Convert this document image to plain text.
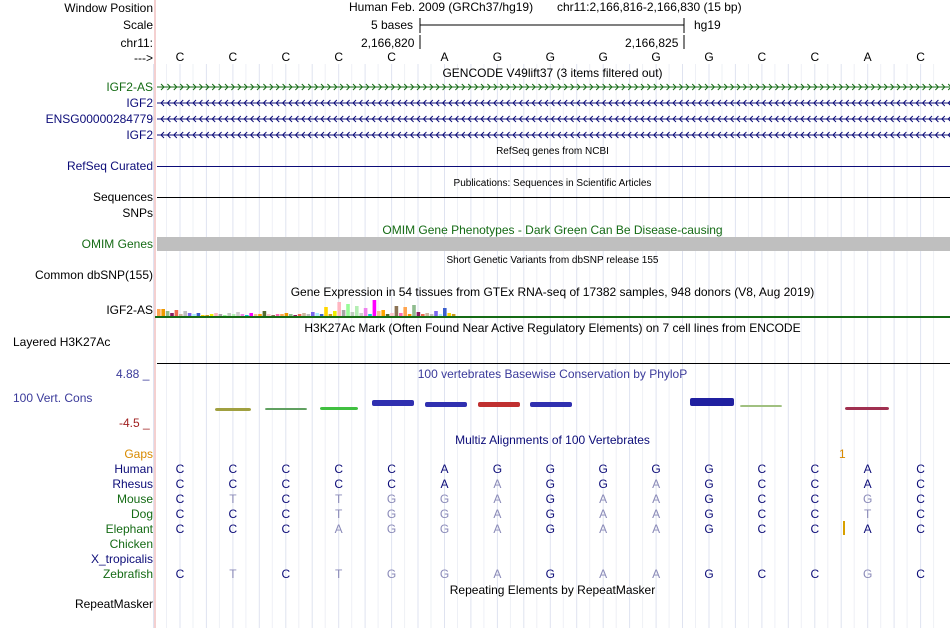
Window Position
Scale
chr11:
--->
Human Feb. 2009 (GRCh37/hg19) chr11:2,166,816-2,166,830 (15 bp)
5 bases	hg19
2,166,820	2,166,825
C	C	C	C	C	A	G	G	G	G	G	C	C	A	C
GENCODE V49lift37 (3 items filtered out)
IGF2-AS
IGF2
ENSG00000284779
IGF2
RefSeq genes from NCBI
RefSeq Curated
Publications: Sequences in Scientific Articles
Sequences
SNPs
OMIM Gene Phenotypes - Dark Green Can Be Disease-causing
OMIM Genes
Short Genetic Variants from dbSNP release 155
Common dbSNP(155)
Gene Expression in 54 tissues from GTEx RNA-seq of 17382 samples, 948 donors (V8, Aug 2019)
IGF2-AS
H3K27Ac Mark (Often Found Near Active Regulatory Elements) on 7 cell lines from ENCODE
Layered H3K27Ac
100 vertebrates Basewise Conservation by PhyloP
4.88 _
100 Vert. Cons
-4.5 _
Multiz Alignments of 100 Vertebrates
Gaps	1
Human	C	C	C	C	C	A	G	G	G	G	G	C	C	A	C
Rhesus	C	C	C	C	C	A	A	G	G	A	G	C	C	A	C
Mouse	C	T	C	T	G	G	A	G	A	A	G	C	C	G	C
Dog	C	C	C	T	G	G	A	G	A	A	G	C	C	T	C
Elephant	C	C	C	A	G	G	A	G	A	A	G	C	C	A	C
Chicken
X_tropicalis
Zebrafish	C	T	C	T	G	G	A	G	A	A	G	C	C	G	C
Repeating Elements by RepeatMasker
RepeatMasker
